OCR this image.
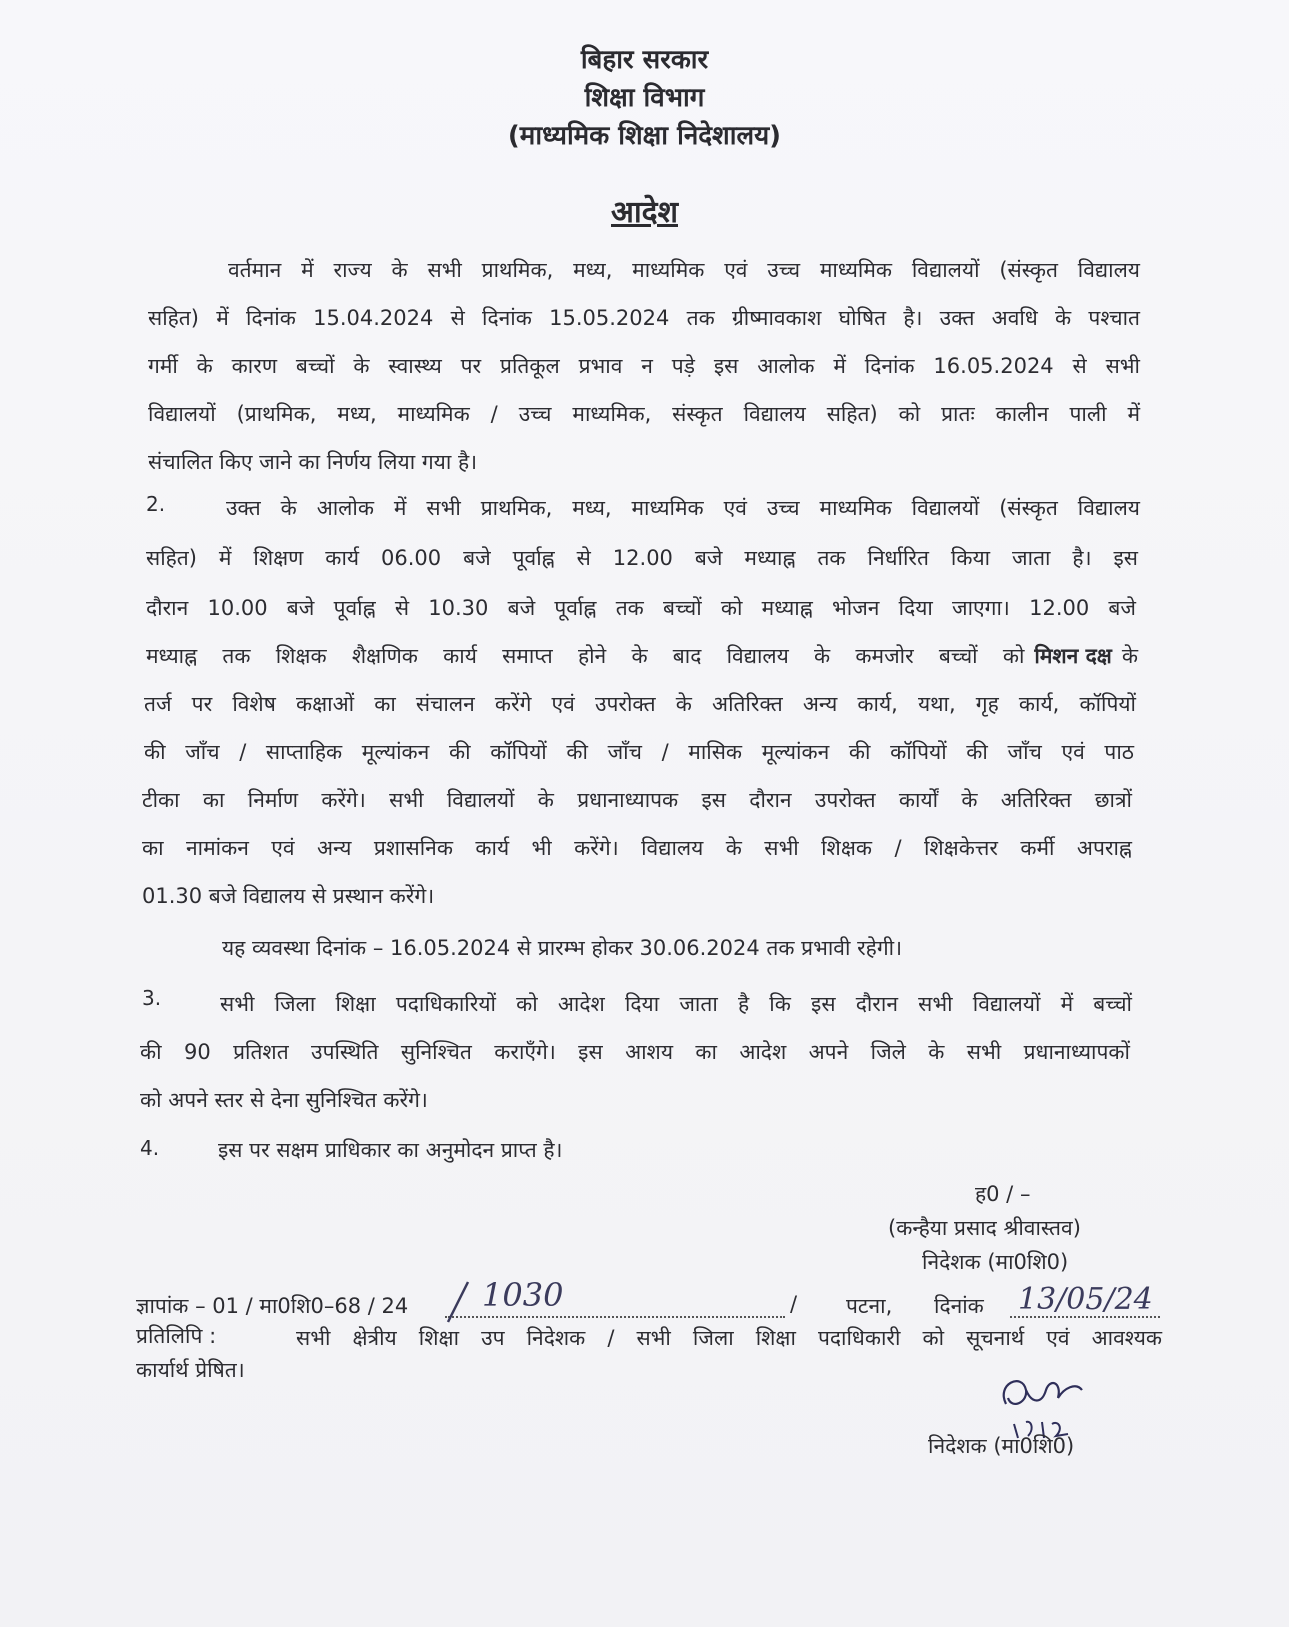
बिहार सरकार
शिक्षा विभाग
(माध्यमिक शिक्षा निदेशालय)
आदेश
वर्तमान में राज्य के सभी प्राथमिक, मध्य, माध्यमिक एवं उच्च माध्यमिक विद्यालयों (संस्कृत विद्यालय
सहित) में दिनांक 15.04.2024 से दिनांक 15.05.2024 तक ग्रीष्मावकाश घोषित है। उक्त अवधि के पश्चात
गर्मी के कारण बच्चों के स्वास्थ्य पर प्रतिकूल प्रभाव न पड़े इस आलोक में दिनांक 16.05.2024 से सभी
विद्यालयों (प्राथमिक, मध्य, माध्यमिक / उच्च माध्यमिक, संस्कृत विद्यालय सहित) को प्रातः कालीन पाली में
संचालित किए जाने का निर्णय लिया गया है।
2.	उक्त के आलोक में सभी प्राथमिक, मध्य, माध्यमिक एवं उच्च माध्यमिक विद्यालयों (संस्कृत विद्यालय
सहित) में शिक्षण कार्य 06.00 बजे पूर्वाह्न से 12.00 बजे मध्याह्न तक निर्धारित किया जाता है। इस
दौरान 10.00 बजे पूर्वाह्न से 10.30 बजे पूर्वाह्न तक बच्चों को मध्याह्न भोजन दिया जाएगा। 12.00 बजे
मध्याह्न तक शिक्षक शैक्षणिक कार्य समाप्त होने के बाद विद्यालय के कमजोर बच्चों को मिशन दक्ष के
तर्ज पर विशेष कक्षाओं का संचालन करेंगे एवं उपरोक्त के अतिरिक्त अन्य कार्य, यथा, गृह कार्य, कॉपियों
की जाँच / साप्ताहिक मूल्यांकन की कॉपियों की जाँच / मासिक मूल्यांकन की कॉपियों की जाँच एवं पाठ
टीका का निर्माण करेंगे। सभी विद्यालयों के प्रधानाध्यापक इस दौरान उपरोक्त कार्यों के अतिरिक्त छात्रों
का नामांकन एवं अन्य प्रशासनिक कार्य भी करेंगे। विद्यालय के सभी शिक्षक / शिक्षकेत्तर कर्मी अपराह्न
01.30 बजे विद्यालय से प्रस्थान करेंगे।
यह व्यवस्था दिनांक – 16.05.2024 से प्रारम्भ होकर 30.06.2024 तक प्रभावी रहेगी।
3.	सभी जिला शिक्षा पदाधिकारियों को आदेश दिया जाता है कि इस दौरान सभी विद्यालयों में बच्चों
की 90 प्रतिशत उपस्थिति सुनिश्चित कराएँगे। इस आशय का आदेश अपने जिले के सभी प्रधानाध्यापकों
को अपने स्तर से देना सुनिश्चित करेंगे।
4.	इस पर सक्षम प्राधिकार का अनुमोदन प्राप्त है।
ह0 / –
(कन्हैया प्रसाद श्रीवास्तव)
निदेशक (मा0शि0)
ज्ञापांक – 01 / मा0शि0–68 / 24 1030	/ पटना, दिनांक 13/05/24
प्रतिलिपि :	सभी क्षेत्रीय शिक्षा उप निदेशक / सभी जिला शिक्षा पदाधिकारी को सूचनार्थ एवं आवश्यक
कार्यार्थ प्रेषित।
निदेशक (मा0शि0)
